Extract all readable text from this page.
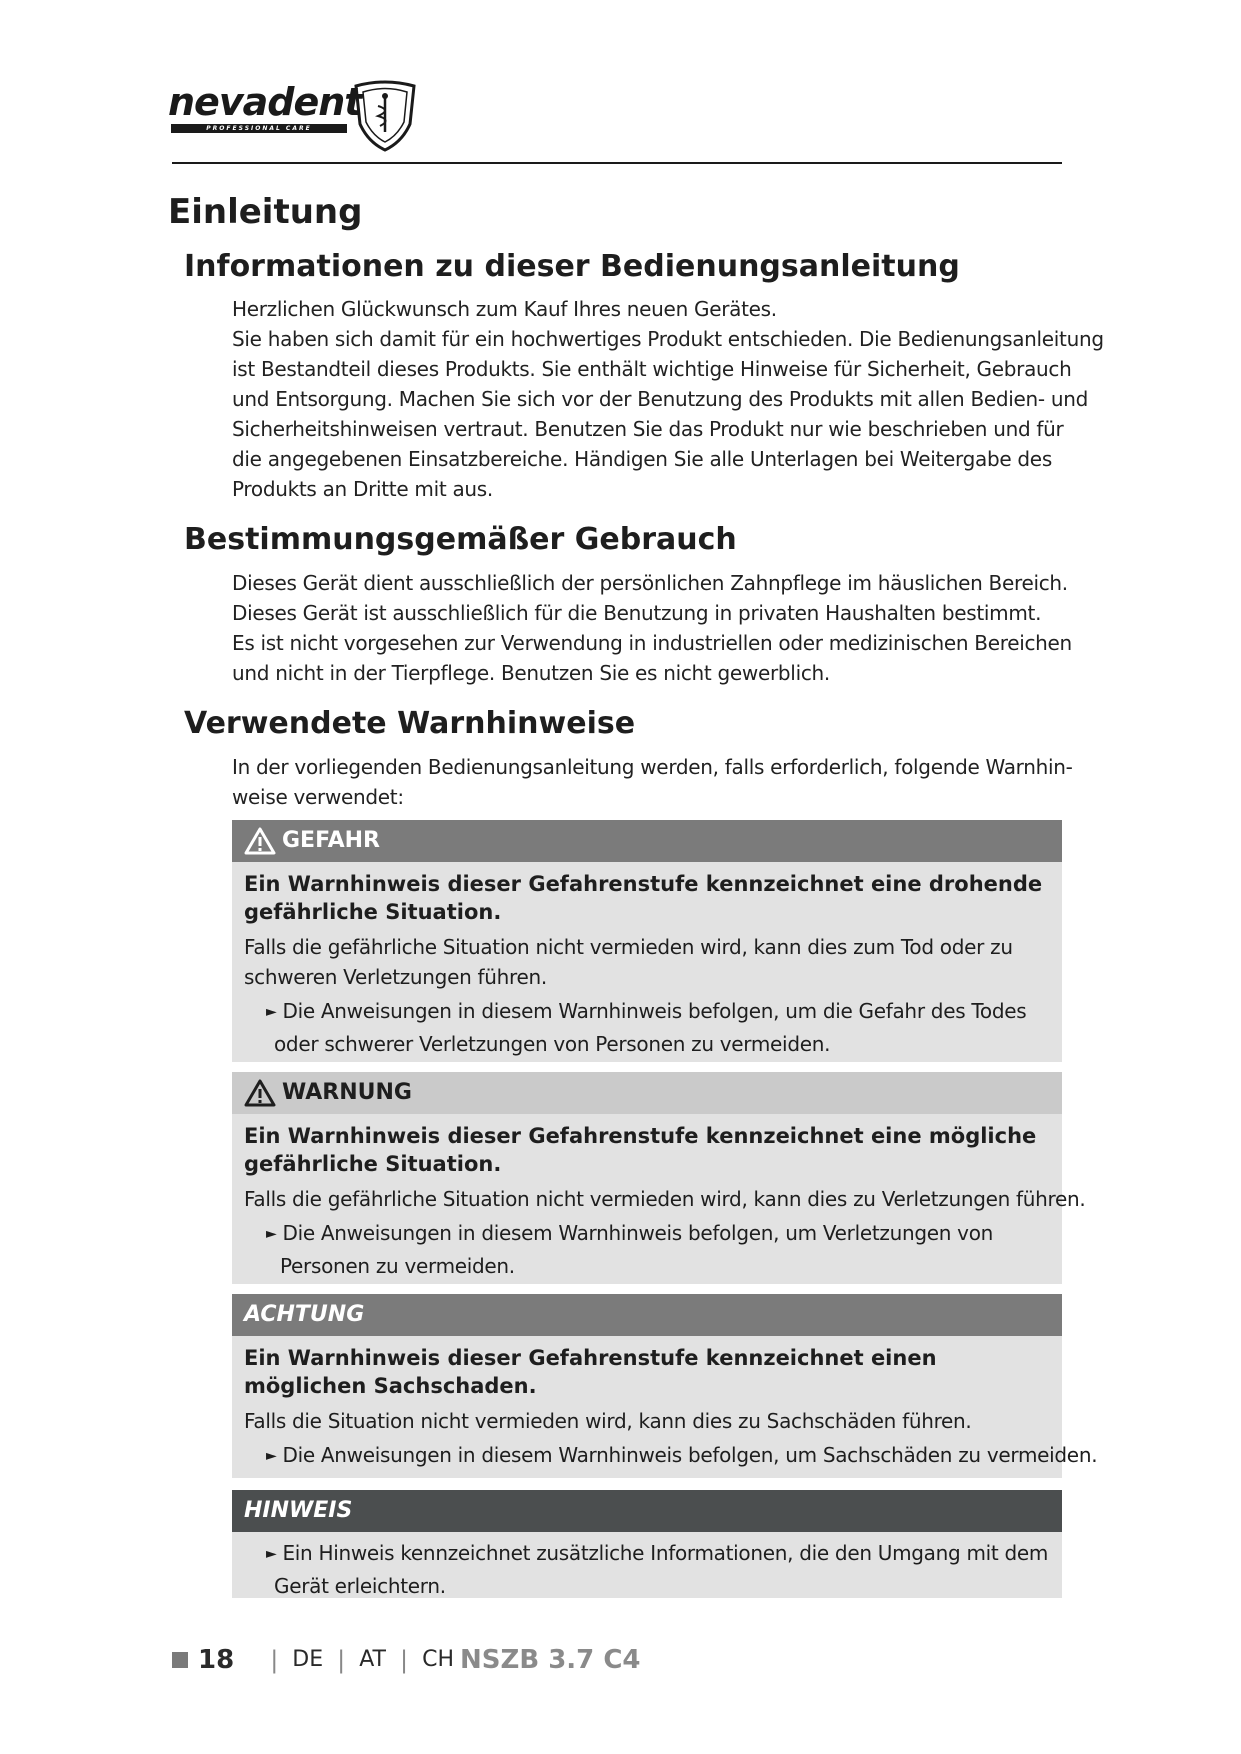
nevadent
PROFESSIONAL CARE
Einleitung
Informationen zu dieser Bedienungsanleitung
Herzlichen Glückwunsch zum Kauf Ihres neuen Gerätes.
Sie haben sich damit für ein hochwertiges Produkt entschieden. Die Bedienungsanleitung
ist Bestandteil dieses Produkts. Sie enthält wichtige Hinweise für Sicherheit, Gebrauch
und Entsorgung. Machen Sie sich vor der Benutzung des Produkts mit allen Bedien- und
Sicherheitshinweisen vertraut. Benutzen Sie das Produkt nur wie beschrieben und für
die angegebenen Einsatzbereiche. Händigen Sie alle Unterlagen bei Weitergabe des
Produkts an Dritte mit aus.
Bestimmungsgemäßer Gebrauch
Dieses Gerät dient ausschließlich der persönlichen Zahnpflege im häuslichen Bereich.
Dieses Gerät ist ausschließlich für die Benutzung in privaten Haushalten bestimmt.
Es ist nicht vorgesehen zur Verwendung in industriellen oder medizinischen Bereichen
und nicht in der Tierpflege. Benutzen Sie es nicht gewerblich.
Verwendete Warnhinweise
In der vorliegenden Bedienungsanleitung werden, falls erforderlich, folgende Warnhin-
weise verwendet:
GEFAHR
Ein Warnhinweis dieser Gefahrenstufe kennzeichnet eine drohende
gefährliche Situation.
Falls die gefährliche Situation nicht vermieden wird, kann dies zum Tod oder zu
schweren Verletzungen führen.
► Die Anweisungen in diesem Warnhinweis befolgen, um die Gefahr des Todes
oder schwerer Verletzungen von Personen zu vermeiden.
WARNUNG
Ein Warnhinweis dieser Gefahrenstufe kennzeichnet eine mögliche
gefährliche Situation.
Falls die gefährliche Situation nicht vermieden wird, kann dies zu Verletzungen führen.
► Die Anweisungen in diesem Warnhinweis befolgen, um Verletzungen von
Personen zu vermeiden.
ACHTUNG
Ein Warnhinweis dieser Gefahrenstufe kennzeichnet einen
möglichen Sachschaden.
Falls die Situation nicht vermieden wird, kann dies zu Sachschäden führen.
► Die Anweisungen in diesem Warnhinweis befolgen, um Sachschäden zu vermeiden.
HINWEIS
► Ein Hinweis kennzeichnet zusätzliche Informationen, die den Umgang mit dem
Gerät erleichtern.
18 | DE | AT | CH NSZB 3.7 C4
